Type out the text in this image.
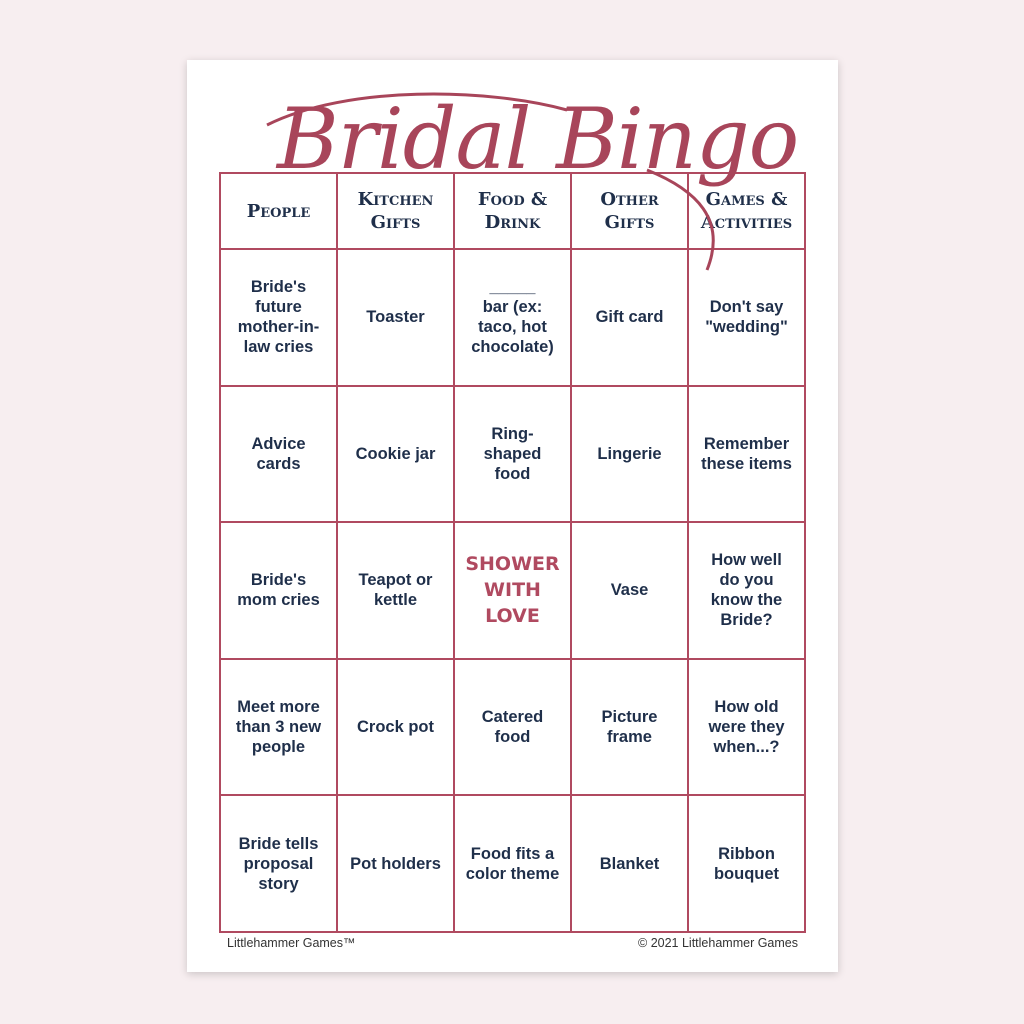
Bridal Bingo
People
Kitchen
Gifts
Food &
Drink
Other
Gifts
Games &
Activities
Bride's
future
mother-in-
law cries
Toaster
_____
bar (ex:
taco, hot
chocolate)
Gift card
Don't say
"wedding"
Advice
cards
Cookie jar
Ring-
shaped
food
Lingerie
Remember
these items
Bride's
mom cries
Teapot or
kettle
SHOWER
WITH
LOVE
Vase
How well
do you
know the
Bride?
Meet more
than 3 new
people
Crock pot
Catered
food
Picture
frame
How old
were they
when...?
Bride tells
proposal
story
Pot holders
Food fits a
color theme
Blanket
Ribbon
bouquet
Littlehammer Games™	© 2021 Littlehammer Games
